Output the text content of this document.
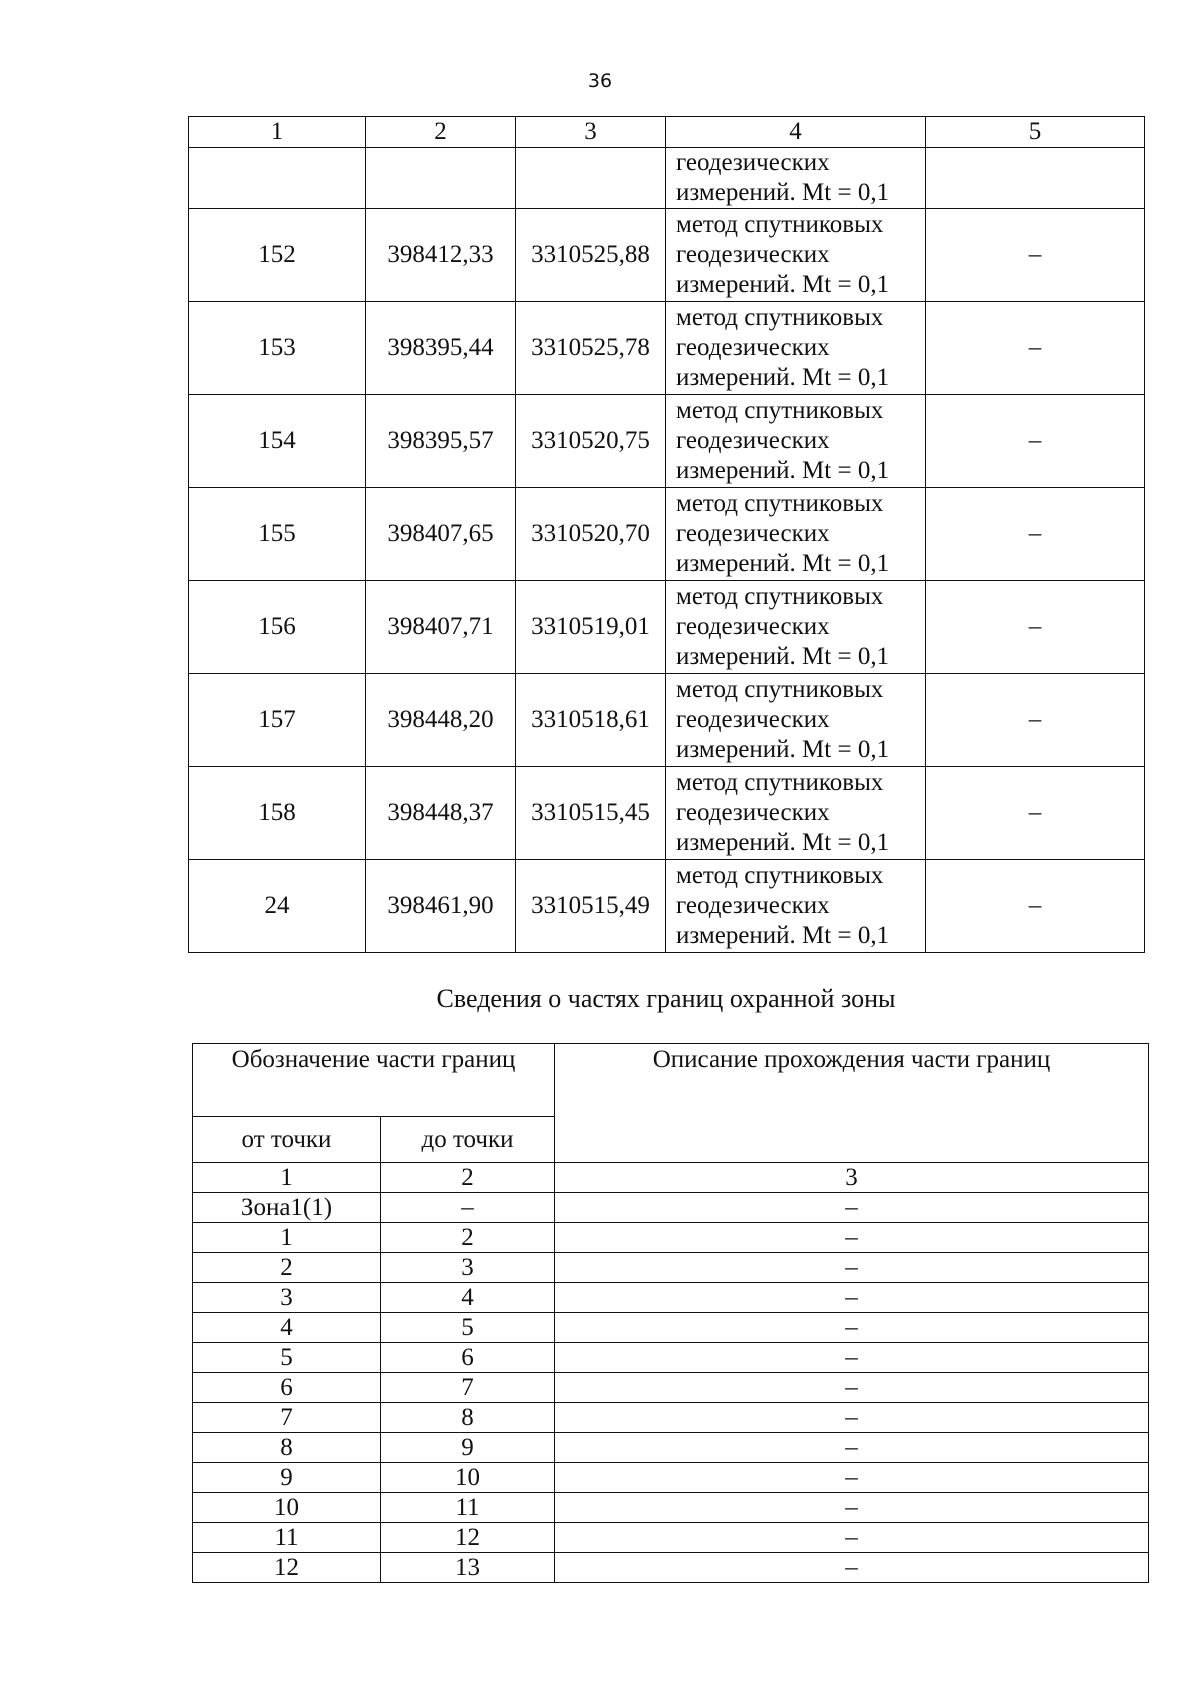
36
1	2	3	4	5

			геодезических
измерений. Mt = 0,1	

152	398412,33	3310525,88	метод спутниковых
геодезических
измерений. Mt = 0,1	–
153	398395,44	3310525,78	метод спутниковых
геодезических
измерений. Mt = 0,1	–
154	398395,57	3310520,75	метод спутниковых
геодезических
измерений. Mt = 0,1	–
155	398407,65	3310520,70	метод спутниковых
геодезических
измерений. Mt = 0,1	–
156	398407,71	3310519,01	метод спутниковых
геодезических
измерений. Mt = 0,1	–
157	398448,20	3310518,61	метод спутниковых
геодезических
измерений. Mt = 0,1	–
158	398448,37	3310515,45	метод спутниковых
геодезических
измерений. Mt = 0,1	–
24	398461,90	3310515,49	метод спутниковых
геодезических
измерений. Mt = 0,1	–
Сведения о частях границ охранной зоны
Обозначение части границ		Описание прохождения части границ
от точки	до точки	
1	2	3
Зона1(1)	–	–
1	2	–
2	3	–
3	4	–
4	5	–
5	6	–
6	7	–
7	8	–
8	9	–
9	10	–
10	11	–
11	12	–
12	13	–
